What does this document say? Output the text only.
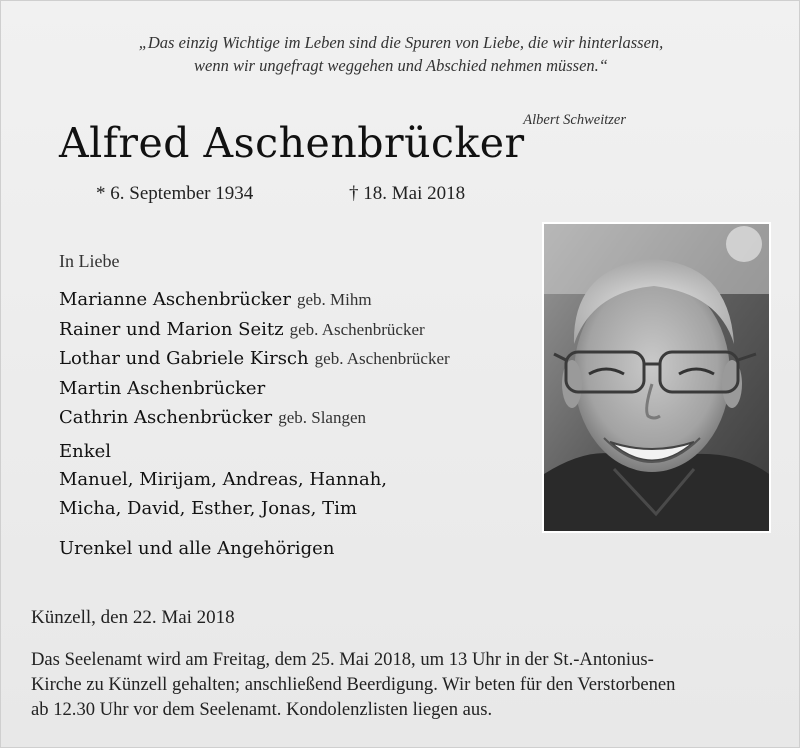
„Das einzig Wichtige im Leben sind die Spuren von Liebe, die wir hinterlassen,
wenn wir ungefragt weggehen und Abschied nehmen müssen.“
Albert Schweitzer
Alfred Aschenbrücker
* 6. September 1934	† 18. Mai 2018
In Liebe
Marianne Aschenbrücker geb. Mihm
Rainer und Marion Seitz geb. Aschenbrücker
Lothar und Gabriele Kirsch geb. Aschenbrücker
Martin Aschenbrücker
Cathrin Aschenbrücker geb. Slangen
Enkel
Manuel, Mirijam, Andreas, Hannah,
Micha, David, Esther, Jonas, Tim
Urenkel und alle Angehörigen
Künzell, den 22. Mai 2018
Das Seelenamt wird am Freitag, dem 25. Mai 2018, um 13 Uhr in der St.-Antonius-
Kirche zu Künzell gehalten; anschließend Beerdigung. Wir beten für den Verstorbenen
ab 12.30 Uhr vor dem Seelenamt. Kondolenzlisten liegen aus.
